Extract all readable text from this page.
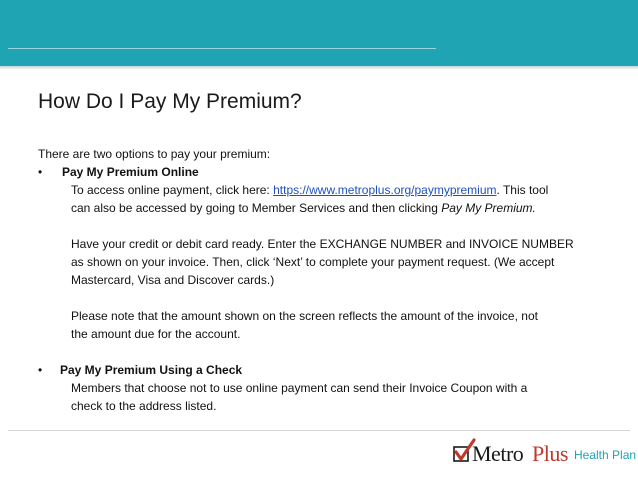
How Do I Pay My Premium?

There are two options to pay your premium:

• Pay My Premium Online

To access online payment, click here: https://www.metroplus.org/paymypremium. This tool

can also be accessed by going to Member Services and then clicking Pay My Premium.

Have your credit or debit card ready. Enter the EXCHANGE NUMBER and INVOICE NUMBER

as shown on your invoice. Then, click ‘Next’ to complete your payment request. (We accept

Mastercard, Visa and Discover cards.)

Please note that the amount shown on the screen reflects the amount of the invoice, not

the amount due for the account.

• Pay My Premium Using a Check

Members that choose not to use online payment can send their Invoice Coupon with a

check to the address listed.

Metro Plus Health Plan
